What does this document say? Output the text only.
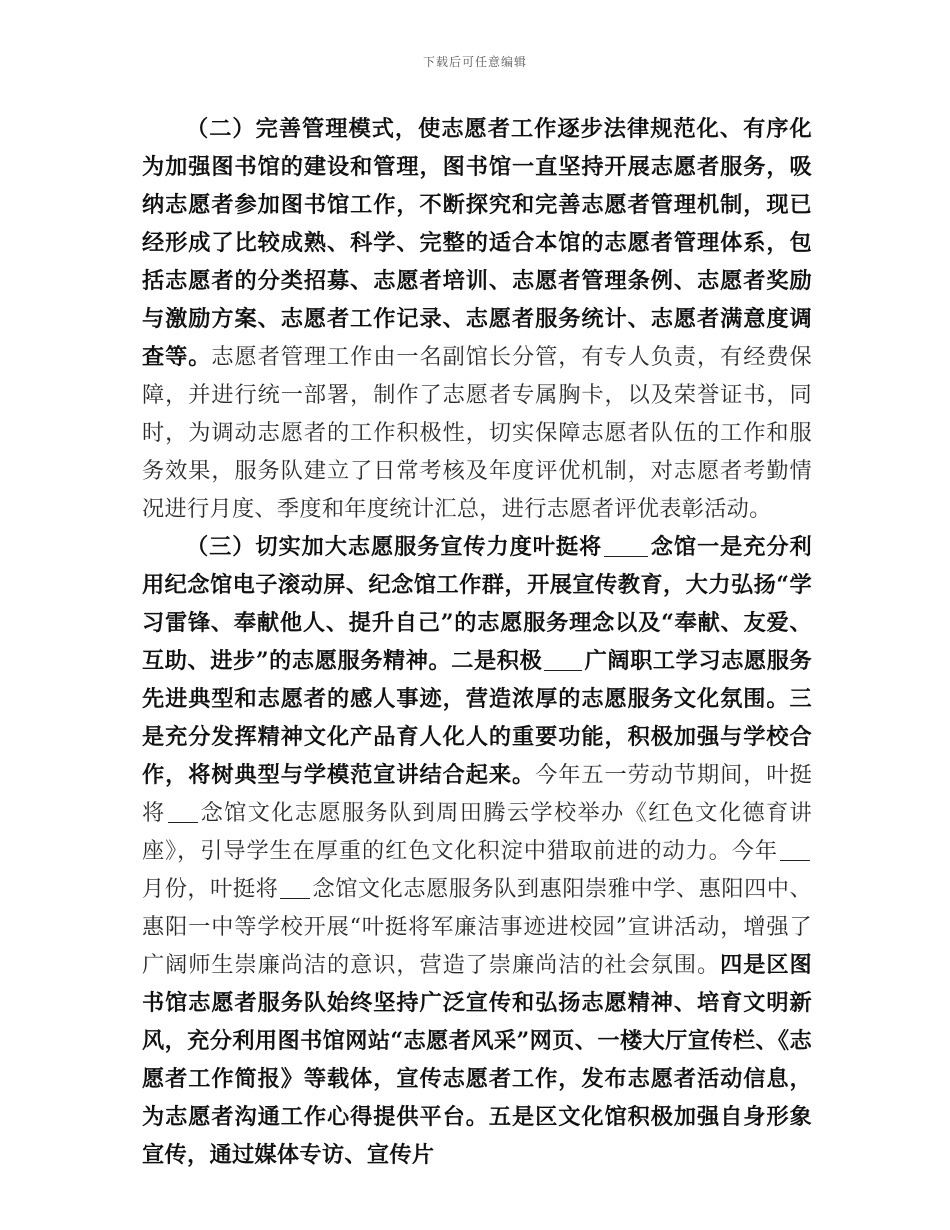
下载后可任意编辑

（二）完善管理模式，使志愿者工作逐步法律规范化、有序化为加强图书馆的建设和管理，图书馆一直坚持开展志愿者服务，吸纳志愿者参加图书馆工作，不断探究和完善志愿者管理机制，现已经形成了比较成熟、科学、完整的适合本馆的志愿者管理体系，包括志愿者的分类招募、志愿者培训、志愿者管理条例、志愿者奖励与激励方案、志愿者工作记录、志愿者服务统计、志愿者满意度调查等。志愿者管理工作由一名副馆长分管，有专人负责，有经费保障，并进行统一部署，制作了志愿者专属胸卡，以及荣誉证书，同时，为调动志愿者的工作积极性，切实保障志愿者队伍的工作和服务效果，服务队建立了日常考核及年度评优机制，对志愿者考勤情况进行月度、季度和年度统计汇总，进行志愿者评优表彰活动。

（三）切实加大志愿服务宣传力度叶挺将 念馆一是充分利用纪念馆电子滚动屏、纪念馆工作群，开展宣传教育，大力弘扬“学习雷锋、奉献他人、提升自己”的志愿服务理念以及“奉献、友爱、互助、进步”的志愿服务精神。二是积极 广阔职工学习志愿服务先进典型和志愿者的感人事迹，营造浓厚的志愿服务文化氛围。三是充分发挥精神文化产品育人化人的重要功能，积极加强与学校合作，将树典型与学模范宣讲结合起来。今年五一劳动节期间，叶挺将 念馆文化志愿服务队到周田腾云学校举办《红色文化德育讲座》，引导学生在厚重的红色文化积淀中猎取前进的动力。今年月份，叶挺将 念馆文化志愿服务队到惠阳崇雅中学、惠阳四中、惠阳一中等学校开展“叶挺将军廉洁事迹进校园”宣讲活动，增强了广阔师生崇廉尚洁的意识，营造了崇廉尚洁的社会氛围。四是区图书馆志愿者服务队始终坚持广泛宣传和弘扬志愿精神、培育文明新风，充分利用图书馆网站“志愿者风采”网页、一楼大厅宣传栏、《志愿者工作简报》等载体，宣传志愿者工作，发布志愿者活动信息，为志愿者沟通工作心得提供平台。五是区文化馆积极加强自身形象宣传，通过媒体专访、宣传片
